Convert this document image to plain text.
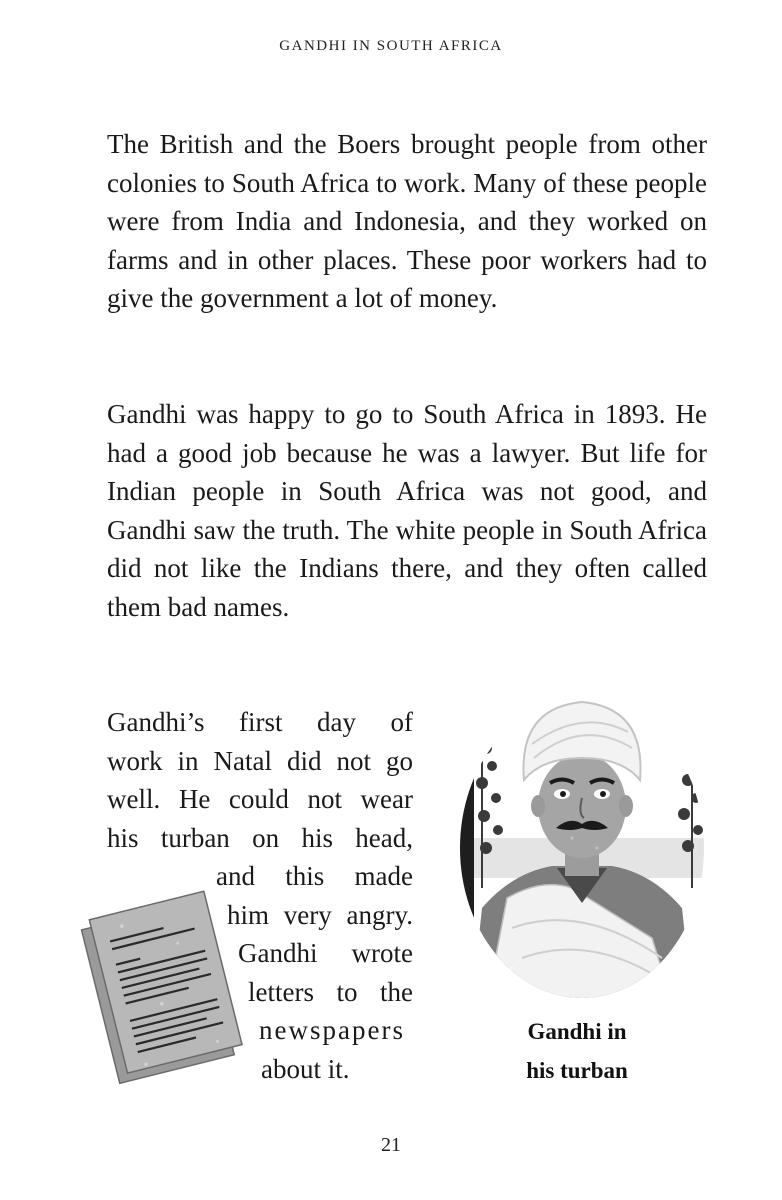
GANDHI IN SOUTH AFRICA

The British and the Boers brought people from other colonies to South Africa to work. Many of these people were from India and Indonesia, and they worked on farms and in other places. These poor workers had to give the government a lot of money.

Gandhi was happy to go to South Africa in 1893. He had a good job because he was a lawyer. But life for Indian people in South Africa was not good, and Gandhi saw the truth. The white people in South Africa did not like the Indians there, and they often called them bad names.

Gandhi’s first day of
work in Natal did not go
well. He could not wear
his turban on his head,
and this made
him very angry.
Gandhi wrote
letters to the
newspapers
about it.
Gandhi in
his turban
21
